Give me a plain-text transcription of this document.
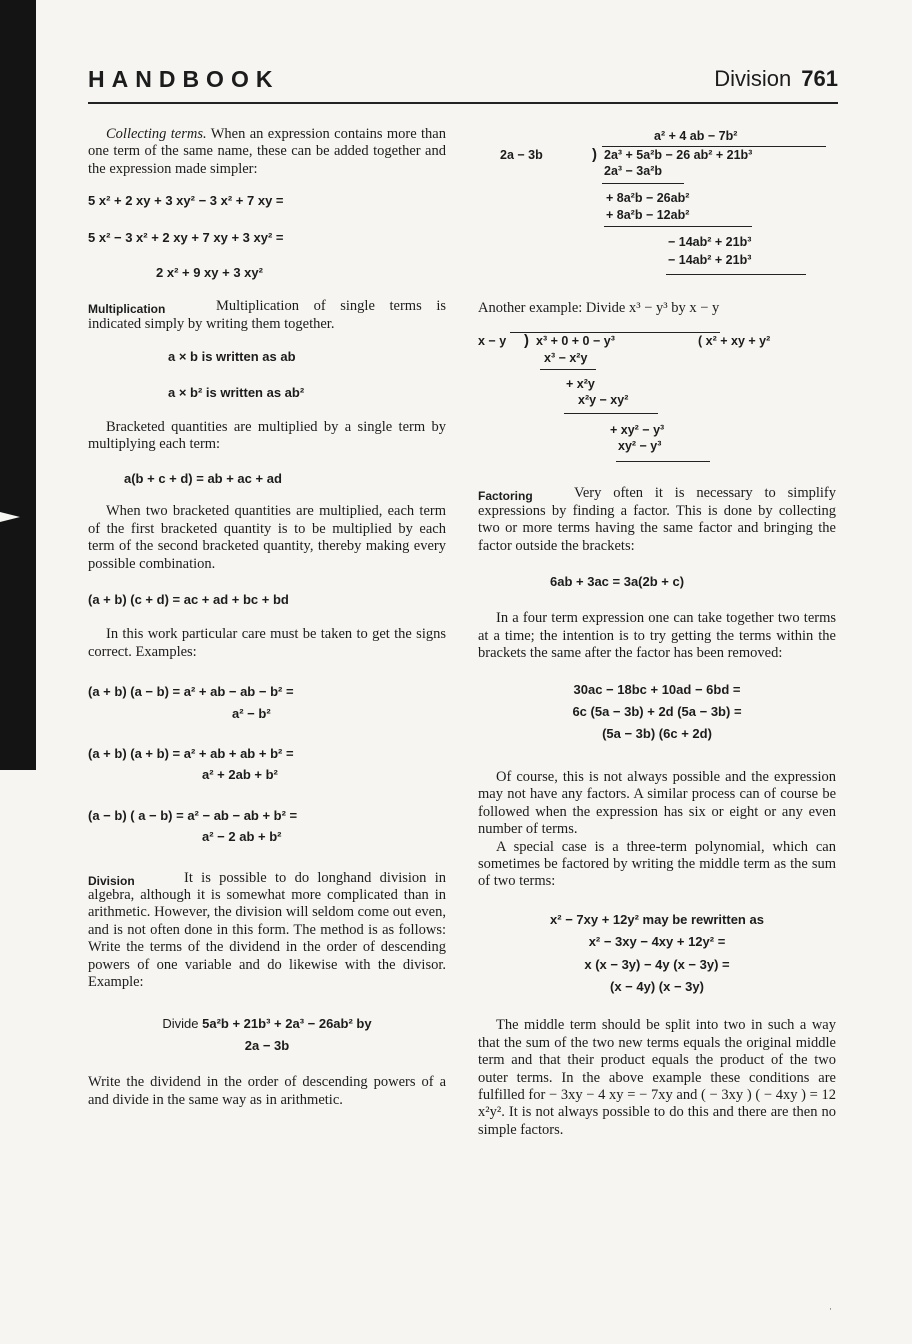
HANDBOOK	Division 761

Collecting terms. When an expression contains more than one term of the same name, these can be added together and the expression made simpler:

5 x² + 2 xy + 3 xy² − 3 x² + 7 xy =
5 x² − 3 x² + 2 xy + 7 xy + 3 xy² =
2 x² + 9 xy + 3 xy²

Multiplication	Multiplication of single terms is indicated simply by writing them together.

a × b is written as ab
a × b² is written as ab²

Bracketed quantities are multiplied by a single term by multiplying each term:

a(b + c + d) = ab + ac + ad

When two bracketed quantities are multiplied, each term of the first bracketed quantity is to be multiplied by each term of the second bracketed quantity, thereby making every possible combination.

(a + b) (c + d) = ac + ad + bc + bd

In this work particular care must be taken to get the signs correct. Examples:

(a + b) (a − b) = a² + ab − ab − b² =
a² − b²
(a + b) (a + b) = a² + ab + ab + b² =
a² + 2ab + b²
(a − b) ( a − b) = a² − ab − ab + b² =
a² − 2 ab + b²

Division	It is possible to do longhand division in algebra, although it is somewhat more complicated than in arithmetic. However, the division will seldom come out even, and is not often done in this form. The method is as follows: Write the terms of the dividend in the order of descending powers of one variable and do likewise with the divisor. Example:

Divide 5a²b + 21b³ + 2a³ − 26ab² by
2a − 3b

Write the dividend in the order of descending powers of a and divide in the same way as in arithmetic.

a² + 4 ab − 7b²
2a − 3b	) 2a³ + 5a²b − 26 ab² + 21b³
2a³ − 3a²b
+ 8a²b − 26ab²
+ 8a²b − 12ab²
− 14ab² + 21b³
− 14ab² + 21b³

Another example: Divide x³ − y³ by x − y

x − y ) x³ + 0 + 0 − y³	( x² + xy + y²
x³ − x²y
+ x²y
x²y − xy²
+ xy² − y³
xy² − y³

Factoring	Very often it is necessary to simplify expressions by finding a factor. This is done by collecting two or more terms having the same factor and bringing the factor outside the brackets:

6ab + 3ac = 3a(2b + c)

In a four term expression one can take together two terms at a time; the intention is to try getting the terms within the brackets the same after the factor has been removed:

30ac − 18bc + 10ad − 6bd =
6c (5a − 3b) + 2d (5a − 3b) =
(5a − 3b) (6c + 2d)

Of course, this is not always possible and the expression may not have any factors. A similar process can of course be followed when the expression has six or eight or any even number of terms.

A special case is a three-term polynomial, which can sometimes be factored by writing the middle term as the sum of two terms:

x² − 7xy + 12y² may be rewritten as
x² − 3xy − 4xy + 12y² =
x (x − 3y) − 4y (x − 3y) =
(x − 4y) (x − 3y)

The middle term should be split into two in such a way that the sum of the two new terms equals the original middle term and that their product equals the product of the two outer terms. In the above example these conditions are fulfilled for − 3xy − 4 xy = − 7xy and ( − 3xy ) ( − 4xy ) = 12 x²y². It is not always possible to do this and there are then no simple factors.

·
